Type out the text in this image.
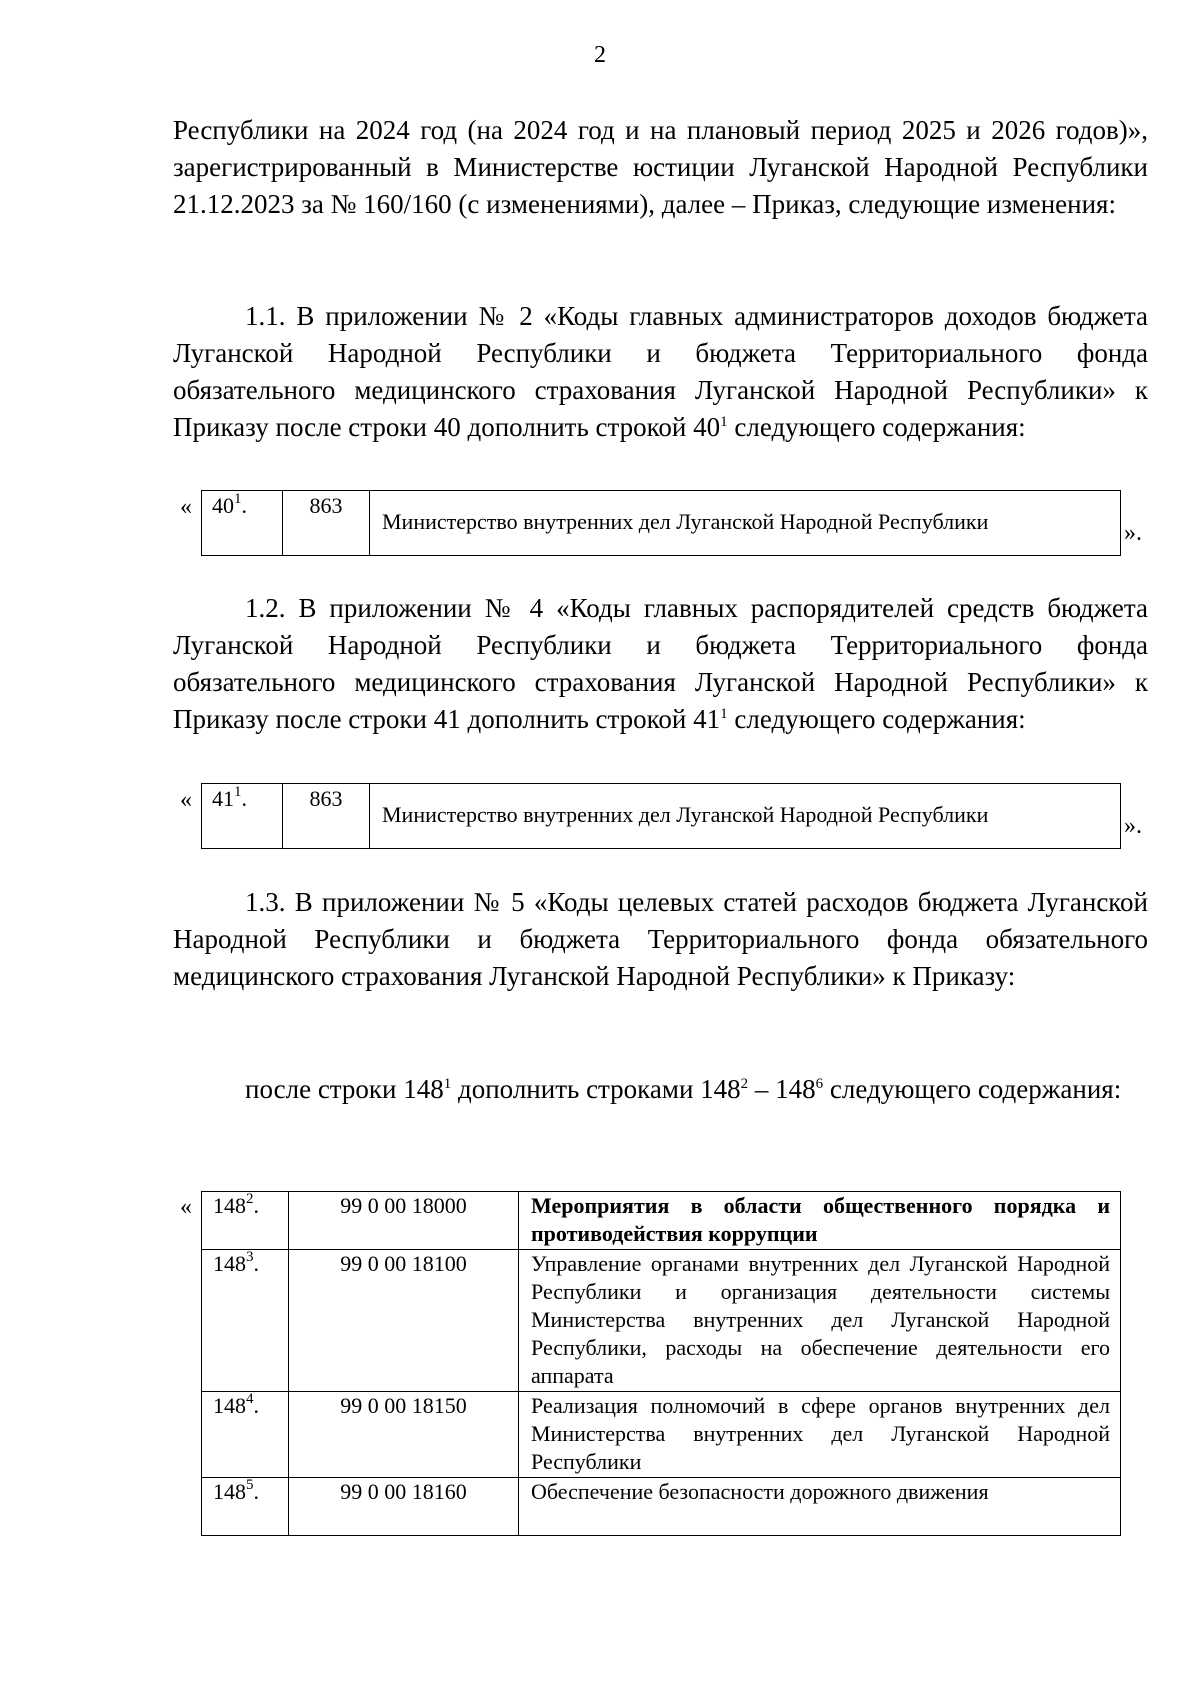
2

Республики на 2024 год (на 2024 год и на плановый период 2025 и 2026 годов)», зарегистрированный в Министерстве юстиции Луганской Народной Республики 21.12.2023 за № 160/160 (с изменениями), далее – Приказ, следующие изменения:

1.1. В приложении № 2 «Коды главных администраторов доходов бюджета Луганской Народной Республики и бюджета Территориального фонда обязательного медицинского страхования Луганской Народной Республики» к Приказу после строки 40 дополнить строкой $40^1$ следующего содержания:

« $40^1$.	863	Министерство внутренних дел Луганской Народной Республики	».

1.2. В приложении № 4 «Коды главных распорядителей средств бюджета Луганской Народной Республики и бюджета Территориального фонда обязательного медицинского страхования Луганской Народной Республики» к Приказу после строки 41 дополнить строкой $41^1$ следующего содержания:

« $41^1$.	863	Министерство внутренних дел Луганской Народной Республики	».

1.3. В приложении № 5 «Коды целевых статей расходов бюджета Луганской Народной Республики и бюджета Территориального фонда обязательного медицинского страхования Луганской Народной Республики» к Приказу:

после строки $148^1$ дополнить строками $148^2 - 148^6$ следующего содержания:

« $148^2$.	99 0 00 18000	Мероприятия в области общественного порядка и противодействия коррупции
$148^3$.	99 0 00 18100	Управление органами внутренних дел Луганской Народной Республики и организация деятельности системы Министерства внутренних дел Луганской Народной Республики, расходы на обеспечение деятельности его аппарата
$148^4$.	99 0 00 18150	Реализация полномочий в сфере органов внутренних дел Министерства внутренних дел Луганской Народной Республики
$148^5$.	99 0 00 18160	Обеспечение безопасности дорожного движения
